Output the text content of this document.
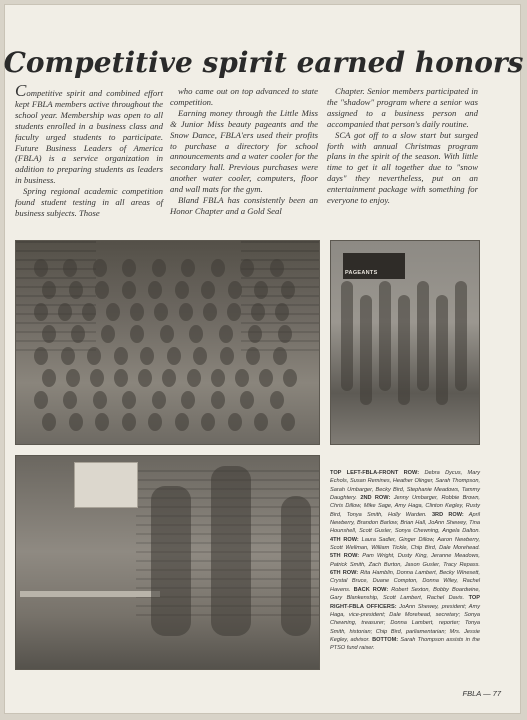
Competitive spirit earned honors

Competitive spirit and combined effort kept FBLA members active throughout the school year. Membership was open to all students enrolled in a business class and faculty urged students to participate. Future Business Leaders of America (FBLA) is a service organization in addition to preparing students as leaders in business.

Spring regional academic competition found student testing in all areas of business subjects. Those

who came out on top advanced to state competition.

Earning money through the Little Miss & Junior Miss beauty pageants and the Snow Dance, FBLA'ers used their profits to purchase a directory for school announcements and a water cooler for the secondary hall. Previous purchases were another water cooler, computers, floor and wall mats for the gym.

Bland FBLA has consistently been an Honor Chapter and a Gold Seal

Chapter. Senior members participated in the "shadow" program where a senior was assigned to a business person and accompanied that person's daily routine.

SCA got off to a slow start but surged forth with annual Christmas program plans in the spirit of the season. With little time to get it all together due to "snow days" they nevertheless, put on an entertainment package with something for everyone to enjoy.

PAGEANTS

TOP LEFT-FBLA-FRONT ROW: Debra Dycus, Mary Echols, Susan Remines, Heather Olinger, Sarah Thompson, Sarah Umbarger, Becky Bird, Stephanie Meadows, Tammy Daughtery. 2ND ROW: Jenny Umbarger, Robbie Brown, Chris Dillow, Mike Sage, Amy Haga, Clinton Kegley, Rusty Bird, Tonya Smith, Holly Warden. 3RD ROW: April Newberry, Brandon Barlow, Brian Hall, JoAnn Shewey, Tina Hounshell, Scott Gusler, Sonya Chewning, Angela Dalton. 4TH ROW: Laura Sadler, Ginger Dillow, Aaron Newberry, Scott Wellman, William Tickle, Chip Bird, Dale Morehead. 5TH ROW: Pam Wright, Dusty King, Jeranne Meadows, Patrick Smith, Zach Burton, Jason Gusler, Tracy Repass. 6TH ROW: Rita Hamblin, Donna Lambert, Becky Winesett, Crystal Bruce, Duane Compton, Donna Wiley, Rachel Havens. BACK ROW: Robert Sexton, Bobby Boardwine, Gary Blankenship, Scott Lambert, Rachel Davis. TOP RIGHT-FBLA OFFICERS: JoAnn Shewey, president; Amy Haga, vice-president; Dale Morehead, secretary; Sonya Chewning, treasurer; Donna Lambert, reporter; Tonya Smith, historian; Chip Bird, parliamentarian; Mrs. Jessie Kegley, advisor. BOTTOM: Sarah Thompson assists in the PTSO fund raiser.

FBLA — 77
